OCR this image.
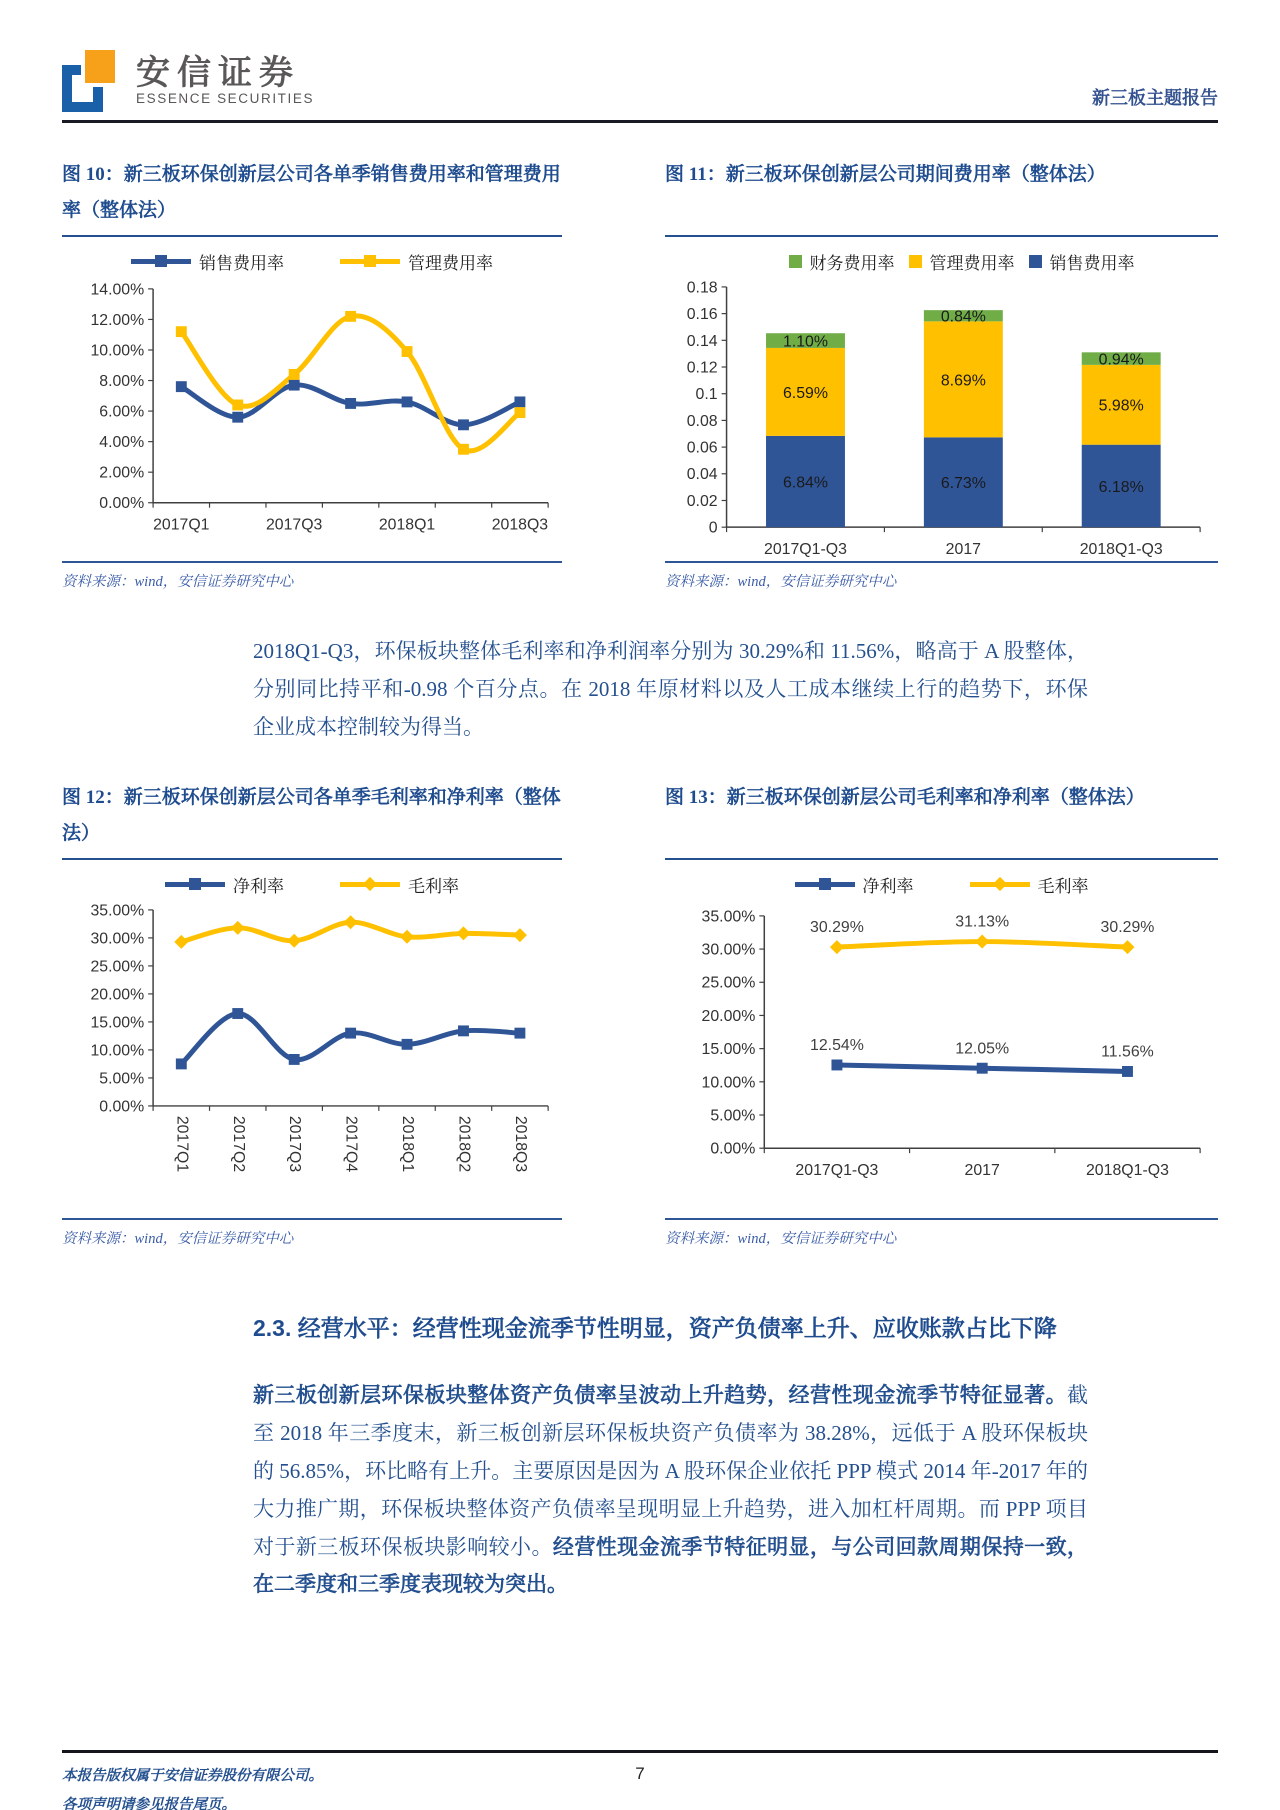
安信证券
ESSENCE SECURITIES	新三板主题报告
图 10：新三板环保创新层公司各单季销售费用率和管理费用率（整体法）
销售费用率	管理费用率
0.00%
2.00%
4.00%
6.00%
8.00%
10.00%
12.00%
14.00%
2017Q1	2017Q3	2018Q1	2018Q3
资料来源：wind，安信证券研究中心
图 11：新三板环保创新层公司期间费用率（整体法）
财务费用率 管理费用率 销售费用率
0
0.02
0.04
0.06
0.08
0.1
0.12
0.14
0.16
0.18
6.84%
6.59%
1.10%
2017Q1-Q3
6.73%
8.69%
0.84%
2017
6.18%
5.98%
0.94%
2018Q1-Q3
资料来源：wind，安信证券研究中心

2018Q1-Q3，环保板块整体毛利率和净利润率分别为 30.29%和 11.56%，略高于 A 股整体，分别同比持平和-0.98 个百分点。在 2018 年原材料以及人工成本继续上行的趋势下，环保企业成本控制较为得当。

图 12：新三板环保创新层公司各单季毛利率和净利率（整体法）
净利率	毛利率
0.00%
5.00%
10.00%
15.00%
20.00%
25.00%
30.00%
35.00%
2017Q1 2017Q2 2017Q3 2017Q4 2018Q1 2018Q2 2018Q3
资料来源：wind，安信证券研究中心
图 13：新三板环保创新层公司毛利率和净利率（整体法）
净利率	毛利率
0.00%
5.00%
10.00%
15.00%
20.00%
25.00%
30.00%
35.00%
2017Q1-Q3	2017	2018Q1-Q3
12.54%	12.05%	11.56%
30.29%	31.13%	30.29%
资料来源：wind，安信证券研究中心
2.3. 经营水平：经营性现金流季节性明显，资产负债率上升、应收账款占比下降

新三板创新层环保板块整体资产负债率呈波动上升趋势，经营性现金流季节特征显著。截至 2018 年三季度末，新三板创新层环保板块资产负债率为 38.28%，远低于 A 股环保板块的 56.85%，环比略有上升。主要原因是因为 A 股环保企业依托 PPP 模式 2014 年-2017 年的大力推广期，环保板块整体资产负债率呈现明显上升趋势，进入加杠杆周期。而 PPP 项目对于新三板环保板块影响较小。经营性现金流季节特征明显，与公司回款周期保持一致，在二季度和三季度表现较为突出。

本报告版权属于安信证券股份有限公司。
各项声明请参见报告尾页。
7
